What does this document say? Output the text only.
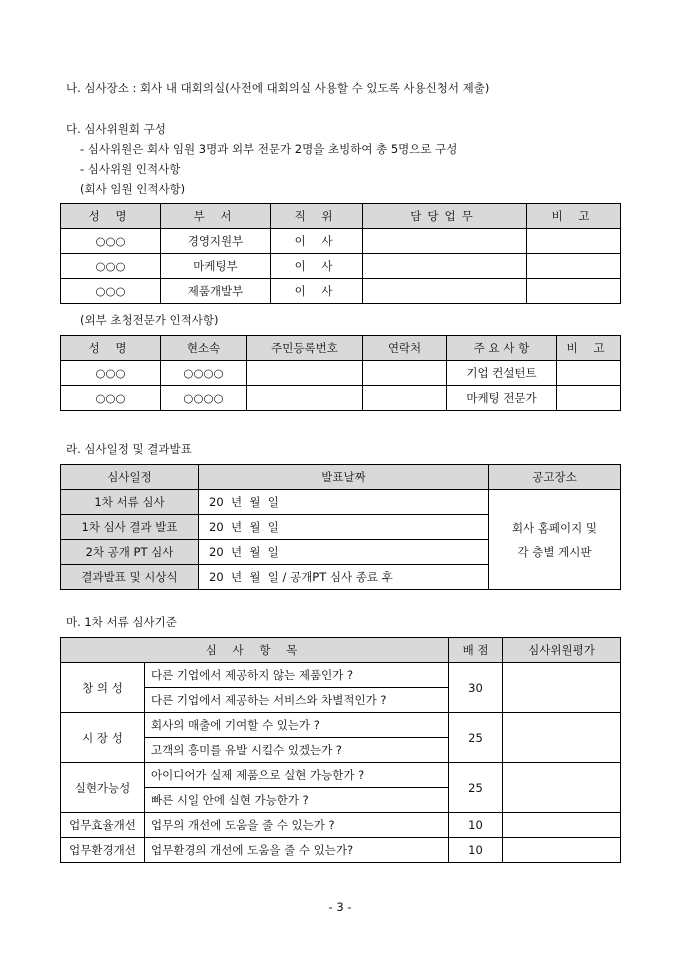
나. 심사장소 : 회사 내 대회의실(사전에 대회의실 사용할 수 있도록 사용신청서 제출)
다. 심사위원회 구성
- 심사위원은 회사 임원 3명과 외부 전문가 2명을 초빙하여 총 5명으로 구성
- 심사위원 인적사항
(회사 임원 인적사항)
성 명	부 서	직 위	담당업무	비 고
○○○	경영지원부	이 사		
○○○	마케팅부	이 사		
○○○	제품개발부	이 사		
(외부 초청전문가 인적사항)
성 명	현소속	주민등록번호	연락처	주 요 사 항	비 고
○○○	○○○○			기업 컨설턴트	
○○○	○○○○			마케팅 전문가	
라. 심사일정 및 결과발표
심사일정	발표날짜	공고장소
1차 서류 심사	20  년  월  일	회사 홈페이지 및
각 층별 게시판

1차 심사 결과 발표	20  년  월  일	
2차 공개 PT 심사	20  년  월  일	
결과발표 및 시상식	20  년  월  일 / 공개PT 심사 종료 후	
마. 1차 서류 심사기준
심 사 항 목		배 점	심사위원평가
창 의 성	다른 기업에서 제공하지 않는 제품인가 ?	30	
	다른 기업에서 제공하는 서비스와 차별적인가 ?		
시 장 성	회사의 매출에 기여할 수 있는가 ?	25	
	고객의 흥미를 유발 시킬수 있겠는가 ?		
실현가능성	아이디어가 실제 제품으로 실현 가능한가 ?	25	
	빠른 시일 안에 실현 가능한가 ?		
업무효율개선	업무의 개선에 도움을 줄 수 있는가 ?	10	
업무환경개선	업무환경의 개선에 도움을 줄 수 있는가?	10	
- 3 -
